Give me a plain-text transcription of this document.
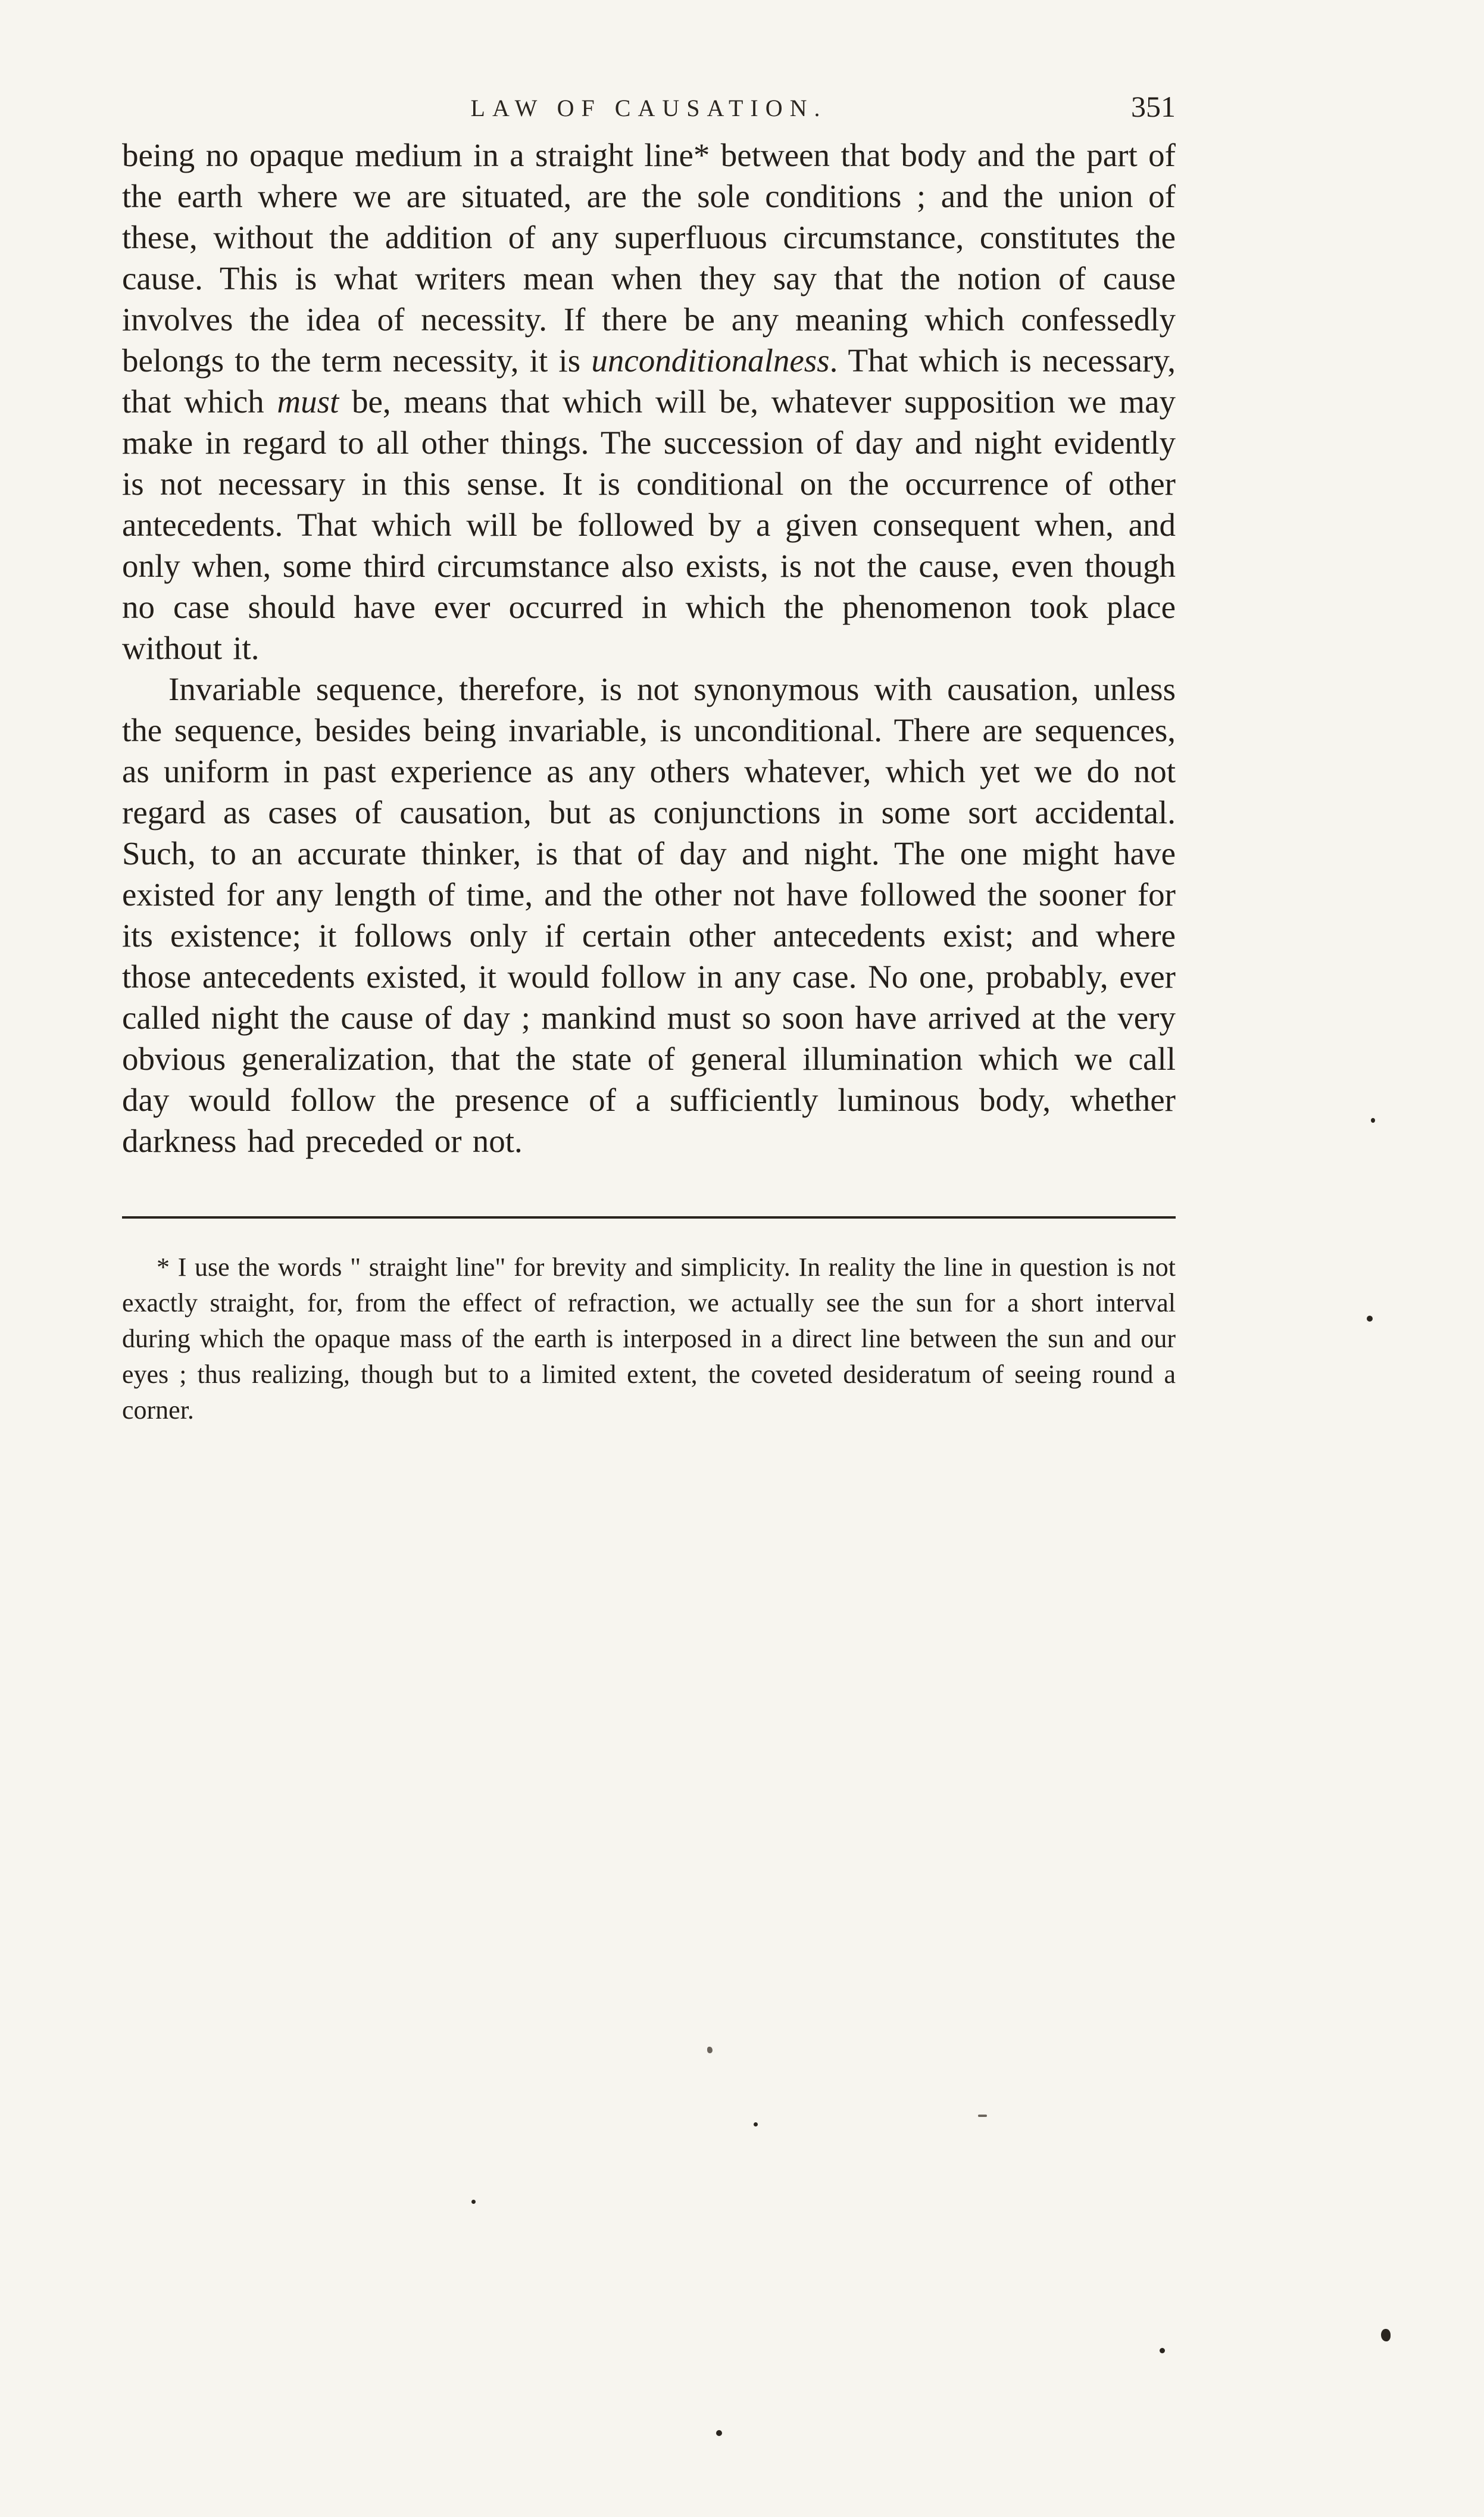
LAW OF CAUSATION.	351

being no opaque medium in a straight line* between that body and the part of the earth where we are situated, are the sole conditions ; and the union of these, without the addition of any superfluous circumstance, constitutes the cause. This is what writers mean when they say that the notion of cause involves the idea of necessity. If there be any meaning which confessedly belongs to the term necessity, it is unconditionalness. That which is necessary, that which must be, means that which will be, whatever supposition we may make in regard to all other things. The succession of day and night evidently is not necessary in this sense. It is conditional on the occurrence of other antecedents. That which will be followed by a given consequent when, and only when, some third circumstance also exists, is not the cause, even though no case should have ever occurred in which the phenomenon took place without it.

Invariable sequence, therefore, is not synonymous with causation, unless the sequence, besides being invariable, is unconditional. There are sequences, as uniform in past experience as any others whatever, which yet we do not regard as cases of causation, but as conjunctions in some sort accidental. Such, to an accurate thinker, is that of day and night. The one might have existed for any length of time, and the other not have followed the sooner for its existence; it follows only if certain other antecedents exist; and where those antecedents existed, it would follow in any case. No one, probably, ever called night the cause of day ; mankind must so soon have arrived at the very obvious generalization, that the state of general illumination which we call day would follow the presence of a sufficiently luminous body, whether darkness had preceded or not.

* I use the words " straight line" for brevity and simplicity. In reality the line in question is not exactly straight, for, from the effect of refraction, we actually see the sun for a short interval during which the opaque mass of the earth is interposed in a direct line between the sun and our eyes ; thus realizing, though but to a limited extent, the coveted desideratum of seeing round a corner.
